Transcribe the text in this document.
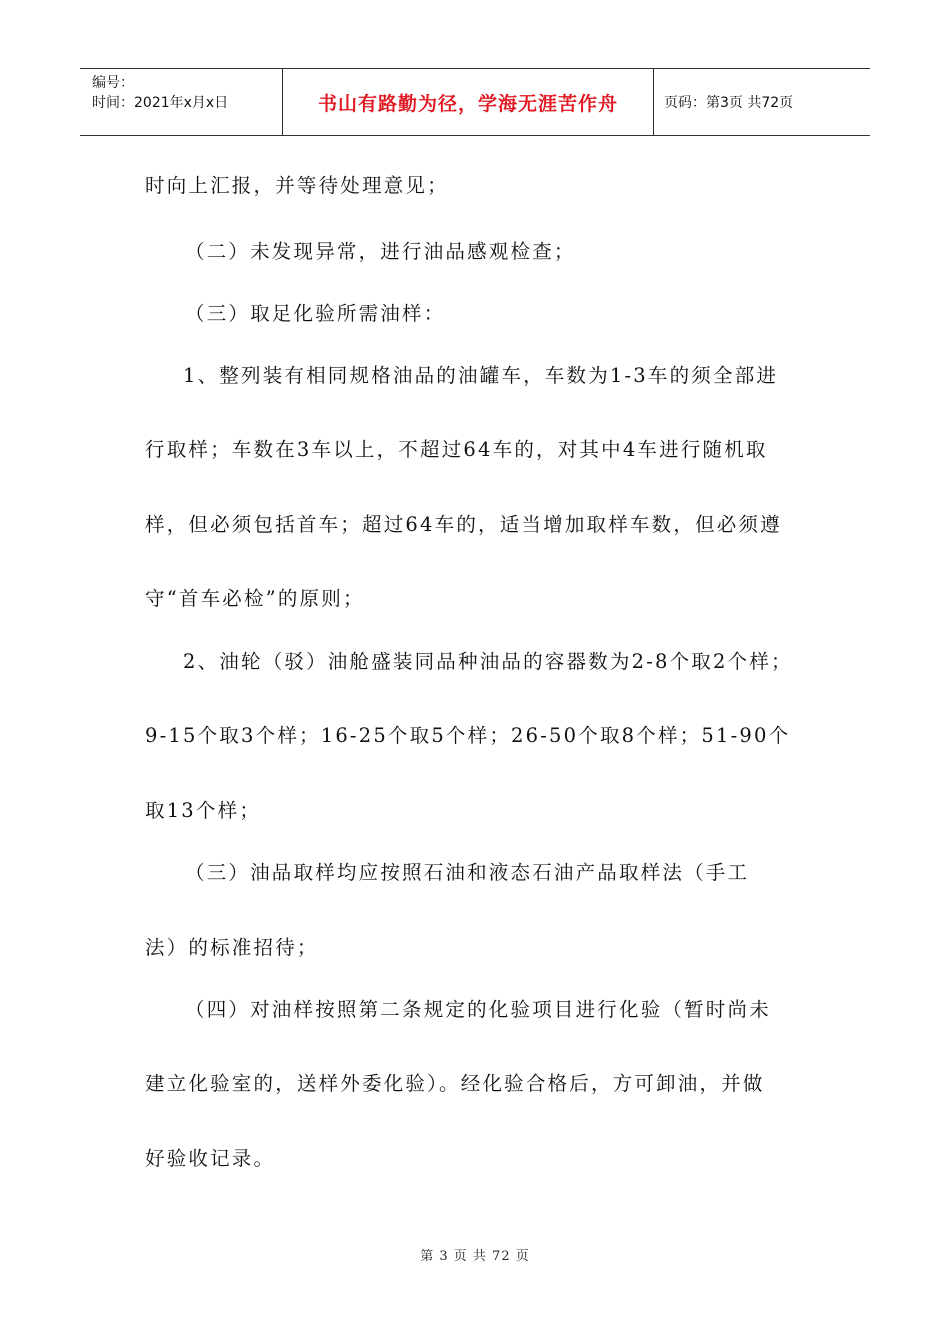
编号：
时间：2021年x月x日	书山有路勤为径，学海无涯苦作舟	页码：第3页 共72页
时向上汇报，并等待处理意见；
（二）未发现异常，进行油品感观检查；
（三）取足化验所需油样：
1、整列装有相同规格油品的油罐车，车数为1-3车的须全部进
行取样；车数在3车以上，不超过64车的，对其中4车进行随机取
样，但必须包括首车；超过64车的，适当增加取样车数，但必须遵
守“首车必检”的原则；
2、油轮（驳）油舱盛装同品种油品的容器数为2-8个取2个样；
9-15个取3个样；16-25个取5个样；26-50个取8个样；51-90个
取13个样；
（三）油品取样均应按照石油和液态石油产品取样法（手工
法）的标准招待；
（四）对油样按照第二条规定的化验项目进行化验（暂时尚未
建立化验室的，送样外委化验）。经化验合格后，方可卸油，并做
好验收记录。
第 3 页 共 72 页
